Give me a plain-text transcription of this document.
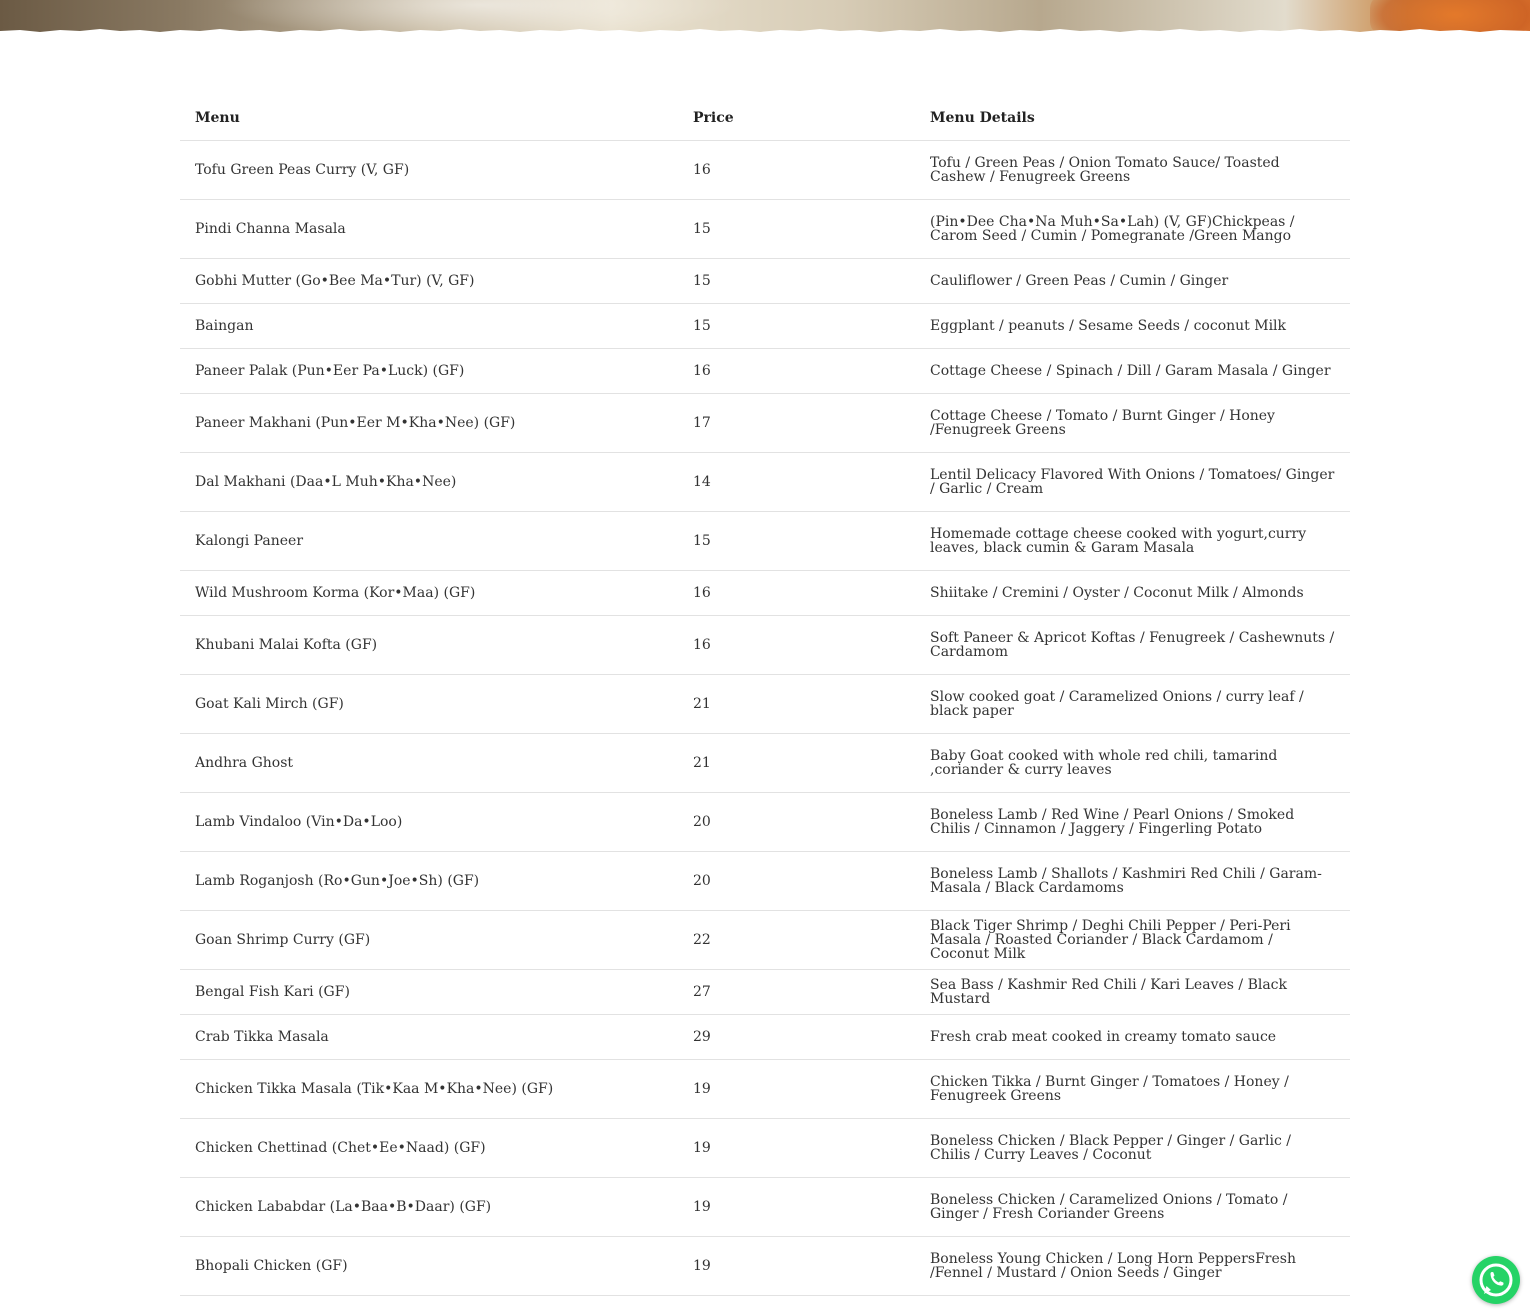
Menu	Price	Menu Details
Tofu Green Peas Curry (V, GF)	16	Tofu / Green Peas / Onion Tomato Sauce/ Toasted Cashew / Fenugreek Greens
Pindi Channa Masala	15	(Pin•Dee Cha•Na Muh•Sa•Lah) (V, GF)Chickpeas / Carom Seed / Cumin / Pomegranate /Green Mango
Gobhi Mutter (Go•Bee Ma•Tur) (V, GF)	15	Cauliflower / Green Peas / Cumin / Ginger
Baingan	15	Eggplant / peanuts / Sesame Seeds / coconut Milk
Paneer Palak (Pun•Eer Pa•Luck) (GF)	16	Cottage Cheese / Spinach / Dill / Garam Masala / Ginger
Paneer Makhani (Pun•Eer M•Kha•Nee) (GF)	17	Cottage Cheese / Tomato / Burnt Ginger / Honey /Fenugreek Greens
Dal Makhani (Daa•L Muh•Kha•Nee)	14	Lentil Delicacy Flavored With Onions / Tomatoes/ Ginger / Garlic / Cream
Kalongi Paneer	15	Homemade cottage cheese cooked with yogurt,curry leaves, black cumin & Garam Masala
Wild Mushroom Korma (Kor•Maa) (GF)	16	Shiitake / Cremini / Oyster / Coconut Milk / Almonds
Khubani Malai Kofta (GF)	16	Soft Paneer & Apricot Koftas / Fenugreek / Cashewnuts / Cardamom
Goat Kali Mirch (GF)	21	Slow cooked goat / Caramelized Onions / curry leaf / black paper
Andhra Ghost	21	Baby Goat cooked with whole red chili, tamarind ,coriander & curry leaves
Lamb Vindaloo (Vin•Da•Loo)	20	Boneless Lamb / Red Wine / Pearl Onions / Smoked Chilis / Cinnamon / Jaggery / Fingerling Potato
Lamb Roganjosh (Ro•Gun•Joe•Sh) (GF)	20	Boneless Lamb / Shallots / Kashmiri Red Chili / Garam-Masala / Black Cardamoms
Goan Shrimp Curry (GF)	22	Black Tiger Shrimp / Deghi Chili Pepper / Peri-Peri Masala / Roasted Coriander / Black Cardamom / Coconut Milk
Bengal Fish Kari (GF)	27	Sea Bass / Kashmir Red Chili / Kari Leaves / Black Mustard
Crab Tikka Masala	29	Fresh crab meat cooked in creamy tomato sauce
Chicken Tikka Masala (Tik•Kaa M•Kha•Nee) (GF)	19	Chicken Tikka / Burnt Ginger / Tomatoes / Honey / Fenugreek Greens
Chicken Chettinad (Chet•Ee•Naad) (GF)	19	Boneless Chicken / Black Pepper / Ginger / Garlic / Chilis / Curry Leaves / Coconut
Chicken Lababdar (La•Baa•B•Daar) (GF)	19	Boneless Chicken / Caramelized Onions / Tomato / Ginger / Fresh Coriander Greens
Bhopali Chicken (GF)	19	Boneless Young Chicken / Long Horn PeppersFresh /Fennel / Mustard / Onion Seeds / Ginger
